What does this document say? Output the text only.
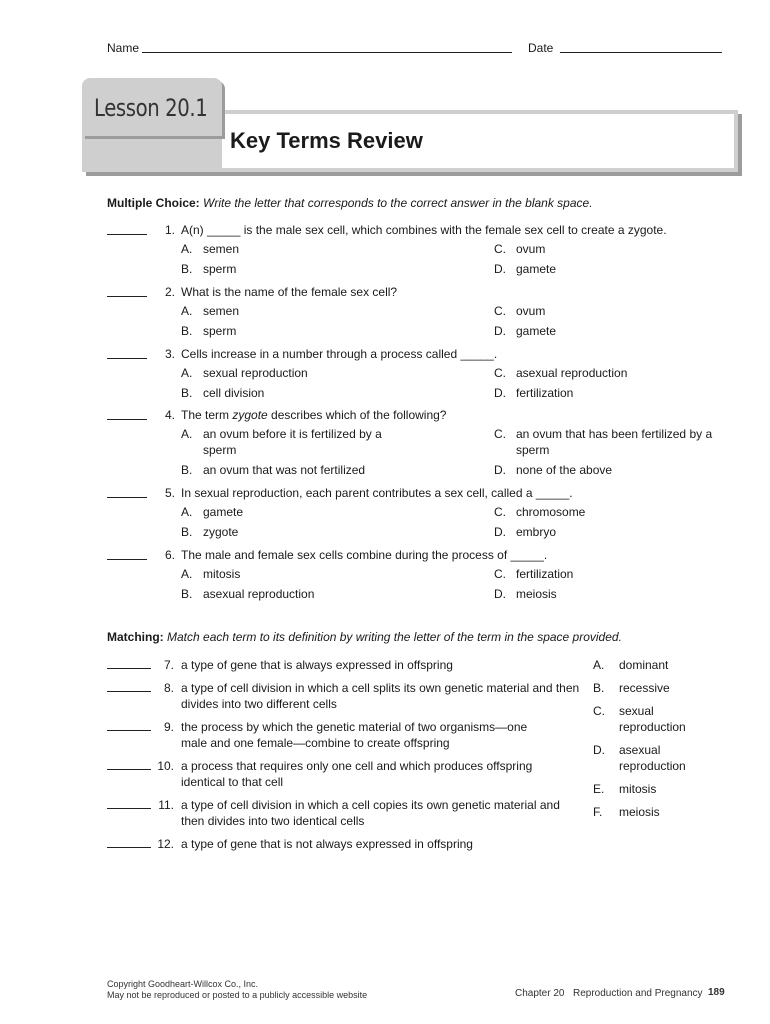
Name	Date
Key Terms Review
Lesson 20.1
Multiple Choice: Write the letter that corresponds to the correct answer in the blank space.
1. A(n) _____ is the male sex cell, which combines with the female sex cell to create a zygote.
A. semen
B. sperm
C. ovum
D. gamete
2. What is the name of the female sex cell?
A. semen
B. sperm
C. ovum
D. gamete
3. Cells increase in a number through a process called _____.
A. sexual reproduction
B. cell division
C. asexual reproduction
D. fertilization
4. The term zygote describes which of the following?
A. an ovum before it is fertilized by a sperm
B. an ovum that was not fertilized
C. an ovum that has been fertilized by a sperm
D. none of the above
5. In sexual reproduction, each parent contributes a sex cell, called a _____.
A. gamete
B. zygote
C. chromosome
D. embryo
6. The male and female sex cells combine during the process of _____.
A. mitosis
B. asexual reproduction
C. fertilization
D. meiosis
Matching: Match each term to its definition by writing the letter of the term in the space provided.
7. a type of gene that is always expressed in offspring
8. a type of cell division in which a cell splits its own genetic material and then divides into two different cells
9. the process by which the genetic material of two organisms—one male and one female—combine to create offspring
10. a process that requires only one cell and which produces offspring identical to that cell
11. a type of cell division in which a cell copies its own genetic material and then divides into two identical cells
12. a type of gene that is not always expressed in offspring
A. dominant
B. recessive
C. sexual reproduction
D. asexual reproduction
E. mitosis
F. meiosis
Copyright Goodheart-Willcox Co., Inc.
May not be reproduced or posted to a publicly accessible website	Chapter 20 Reproduction and Pregnancy 189
